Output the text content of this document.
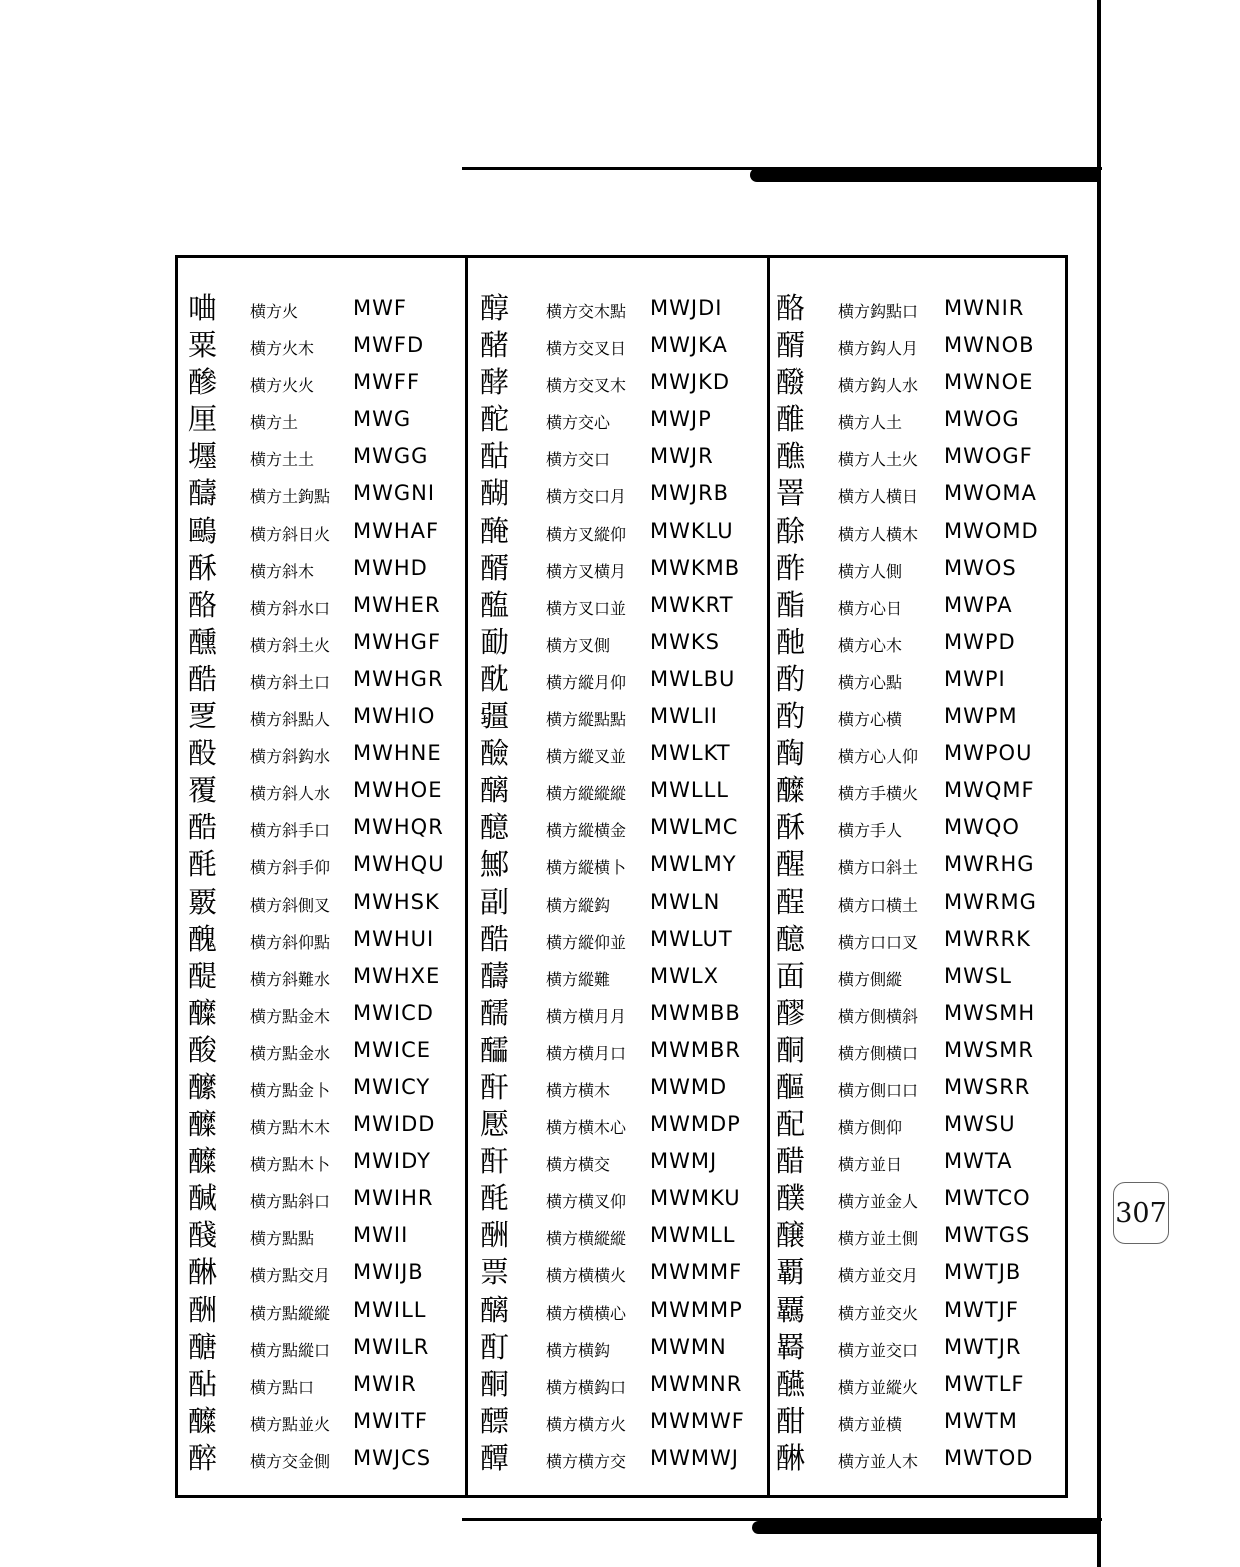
㖆 横方火	MWF
粟 横方火木 MWFD
醦 横方火火 MWFF
厘 横方土	MWG
壥 横方土土 MWGG
醻 横方土鉤點 MWGNI
鷗 横方斜日火 MWHAF
酥 横方斜木 MWHD
酪 横方斜水口 MWHER
醺 横方斜土火 MWHGF
酷 横方斜土口 MWHGR
覂 横方斜點人 MWHIO
酘 横方斜鈎水 MWHNE
覆 横方斜人水 MWHOE
酷 横方斜手口 MWHQR
酕 横方斜手仰 MWHQU
覈 横方斜側叉 MWHSK
醜 横方斜仰點 MWHUI
醍 横方斜難水 MWHXE
醾 横方點金木 MWICD
酸 横方點金水 MWICE
醿 横方點金卜 MWICY
醾 横方點木木 MWIDD
醾 横方點木卜 MWIDY
醎 横方點斜口 MWIHR
醆 横方點點 MWII
醂 横方點交月 MWIJB
酬 横方點縱縱 MWILL
醣 横方點縱口 MWILR
酟 横方點口 MWIR
醾 横方點並火 MWITF
醉 横方交金側 MWJCS
醇 横方交木點 MWJDI
醏 横方交叉日 MWJKA
酵 横方交叉木 MWJKD
酡 横方交心 MWJP
酤 横方交口 MWJR
醐 横方交口月 MWJRB
醃 横方叉縱仰 MWKLU
醑 横方叉横月 MWKMB
醢 横方叉口並 MWKRT
勔 横方叉側 MWKS
酖 横方縱月仰 MWLBU
疆 横方縱點點 MWLII
醶 横方縱叉並 MWLKT
醨 横方縱縱縱 MWLLL
醷 横方縱横金 MWLMC
鄦 横方縱横卜 MWLMY
副 横方縱鈎 MWLN
酷 横方縱仰並 MWLUT
醻 横方縱難 MWLX
醹 横方横月月 MWMBB
醽 横方横月口 MWMBR
酐 横方横木 MWMD
懕 横方横木心 MWMDP
酐 横方横交 MWMJ
酕 横方横叉仰 MWMKU
酬 横方横縱縱 MWMLL
票 横方横横火 MWMMF
醨 横方横横心 MWMMP
酊 横方横鈎 MWMN
酮 横方横鈎口 MWMNR
醥 横方横方火 MWMWF
醰 横方横方交 MWMWJ
酪 横方鈎點口 MWNIR
醑 横方鈎人月 MWNOB
醱 横方鈎人水 MWNOE
醀 横方人土 MWOG
醮 横方人土火 MWOGF
罯 横方人横日 MWOMA
酴 横方人横木 MWOMD
酢 横方人側 MWOS
酯 横方心日 MWPA
酏 横方心木 MWPD
酌 横方心點 MWPI
酌 横方心横 MWPM
醄 横方心人仰 MWPOU
醾 横方手横火 MWQMF
酥 横方手人 MWQO
醒 横方口斜土 MWRHG
酲 横方口横土 MWRMG
醷 横方口口叉 MWRRK
面 横方側縱 MWSL
醪 横方側横斜 MWSMH
酮 横方側横口 MWSMR
醧 横方側口口 MWSRR
配 横方側仰 MWSU
醋 横方並日 MWTA
醭 横方並金人 MWTCO
醸 横方並土側 MWTGS
覇 横方並交月 MWTJB
覊 横方並交火 MWTJF
羇 横方並交口 MWTJR
醼 横方並縱火 MWTLF
酣 横方並横 MWTM
醂 横方並人木 MWTOD
307
